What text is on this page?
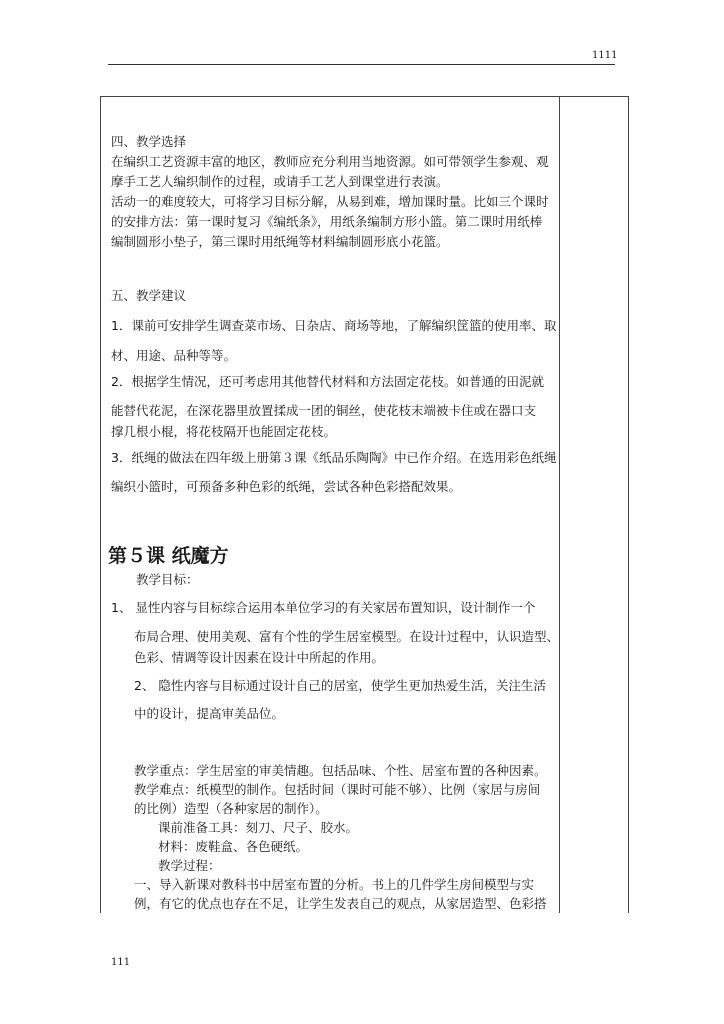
1111
四、教学选择
在编织工艺资源丰富的地区，教师应充分利用当地资源。如可带领学生参观、观
摩手工艺人编织制作的过程，或请手工艺人到课堂进行表演。
活动一的难度较大，可将学习目标分解，从易到难，增加课时量。比如三个课时
的安排方法：第一课时复习《编纸条》，用纸条编制方形小篮。第二课时用纸棒
编制圆形小垫子，第三课时用纸绳等材料编制圆形底小花篮。
五、教学建议
1．课前可安排学生调查菜市场、日杂店、商场等地，了解编织筐篮的使用率、取
材、用途、品种等等。
2．根据学生情况，还可考虑用其他替代材料和方法固定花枝。如普通的田泥就
能替代花泥，在深花器里放置揉成一团的铜丝，使花枝末端被卡住或在器口支
撑几根小棍，将花枝隔开也能固定花枝。
3．纸绳的做法在四年级上册第３课《纸品乐陶陶》中已作介绍。在选用彩色纸绳
编织小篮时，可预备多种色彩的纸绳，尝试各种色彩搭配效果。
第５课 纸魔方
教学目标：
1、 显性内容与目标综合运用本单位学习的有关家居布置知识，设计制作一个
布局合理、使用美观、富有个性的学生居室模型。在设计过程中，认识造型、
色彩、情调等设计因素在设计中所起的作用。
2、 隐性内容与目标通过设计自己的居室，使学生更加热爱生活，关注生活
中的设计，提高审美品位。
教学重点：学生居室的审美情趣。包括品味、个性、居室布置的各种因素。
教学难点：纸模型的制作。包括时间（课时可能不够）、比例（家居与房间
的比例）造型（各种家居的制作）。
课前准备工具：刻刀、尺子、胶水。
材料：废鞋盒、各色硬纸。
教学过程：
一、导入新课对教科书中居室布置的分析。书上的几件学生房间模型与实
例，有它的优点也存在不足，让学生发表自己的观点，从家居造型、色彩搭
111
